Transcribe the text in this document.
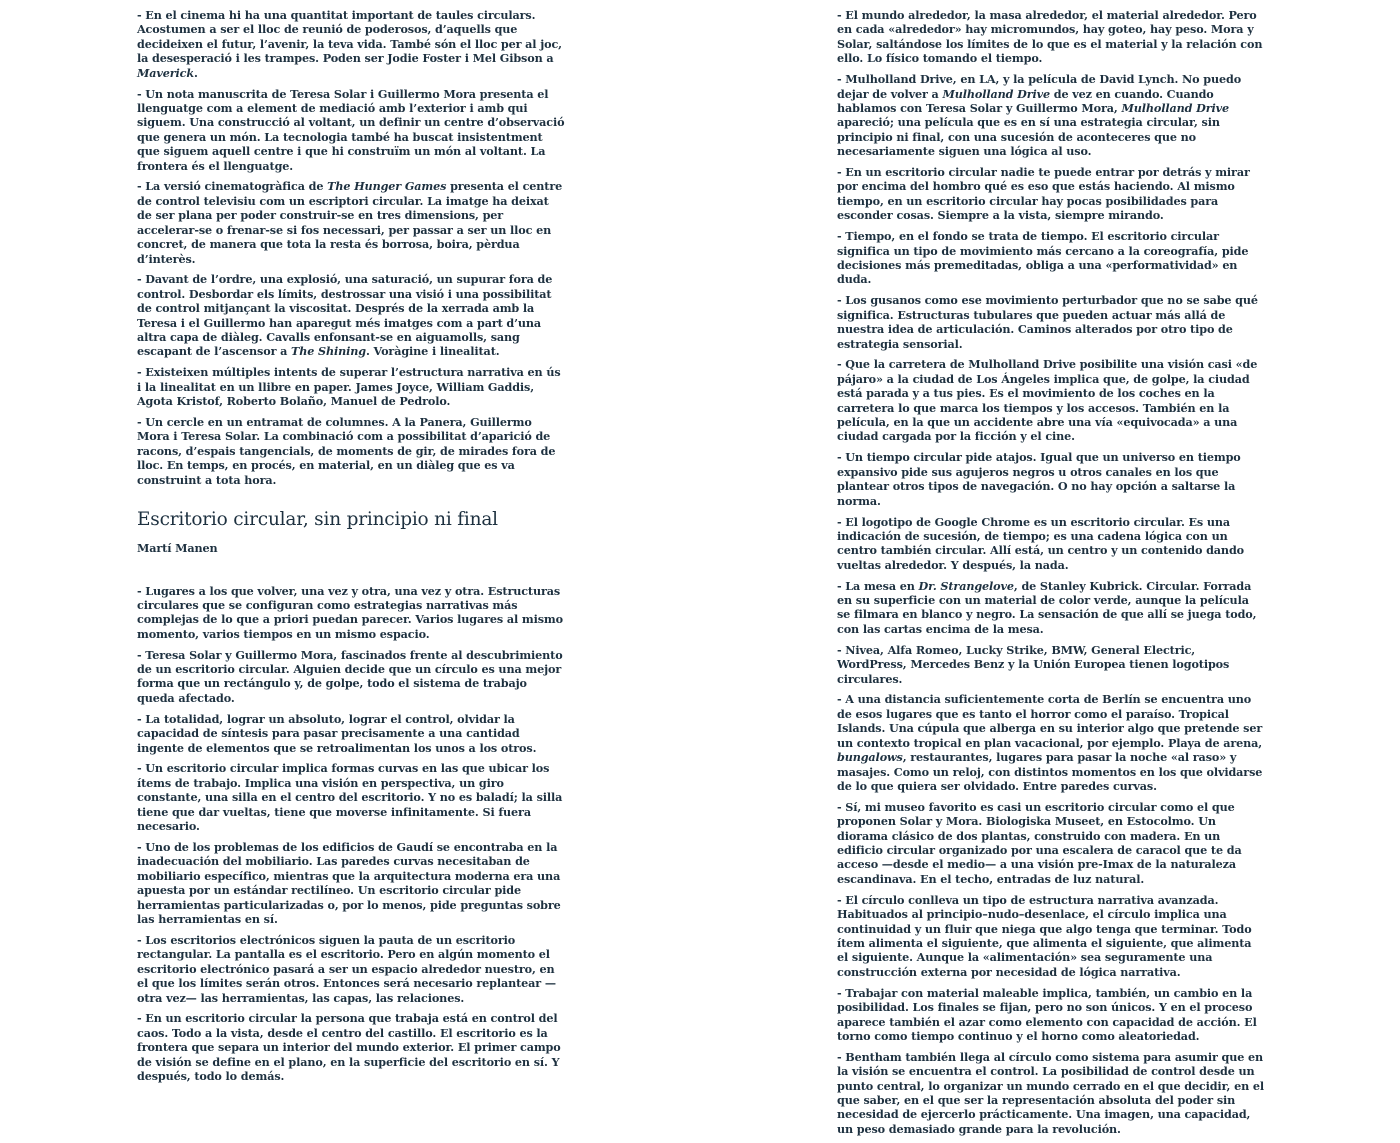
- En el cinema hi ha una quantitat important de taules circulars. Acostumen a ser el lloc de reunió de poderosos, d’aquells que decideixen el futur, l’avenir, la teva vida. També són el lloc per al joc, la desesperació i les trampes. Poden ser Jodie Foster i Mel Gibson a Maverick.

- Un nota manuscrita de Teresa Solar i Guillermo Mora presenta el llenguatge com a element de mediació amb l’exterior i amb qui siguem. Una construcció al voltant, un definir un centre d’observació que genera un món. La tecnologia també ha buscat insistentment que siguem aquell centre i que hi construïm un món al voltant. La frontera és el llenguatge.

- La versió cinematogràfica de The Hunger Games presenta el centre de control televisiu com un escriptori circular. La imatge ha deixat de ser plana per poder construir-se en tres dimensions, per accelerar-se o frenar-se si fos necessari, per passar a ser un lloc en concret, de manera que tota la resta és borrosa, boira, pèrdua d’interès.

- Davant de l’ordre, una explosió, una saturació, un supurar fora de control. Desbordar els límits, destrossar una visió i una possibilitat de control mitjançant la viscositat. Després de la xerrada amb la Teresa i el Guillermo han aparegut més imatges com a part d’una altra capa de diàleg. Cavalls enfonsant-se en aiguamolls, sang escapant de l’ascensor a The Shining. Voràgine i linealitat.

- Existeixen múltiples intents de superar l’estructura narrativa en ús i la linealitat en un llibre en paper. James Joyce, William Gaddis, Agota Kristof, Roberto Bolaño, Manuel de Pedrolo.

- Un cercle en un entramat de columnes. A la Panera, Guillermo Mora i Teresa Solar. La combinació com a possibilitat d’aparició de racons, d’espais tangencials, de moments de gir, de mirades fora de lloc. En temps, en procés, en material, en un diàleg que es va construint a tota hora.

Escritorio circular, sin principio ni final

Martí Manen

- Lugares a los que volver, una vez y otra, una vez y otra. Estructuras circulares que se configuran como estrategias narrativas más complejas de lo que a priori puedan parecer. Varios lugares al mismo momento, varios tiempos en un mismo espacio.

- Teresa Solar y Guillermo Mora, fascinados frente al descubrimiento de un escritorio circular. Alguien decide que un círculo es una mejor forma que un rectángulo y, de golpe, todo el sistema de trabajo queda afectado.

- La totalidad, lograr un absoluto, lograr el control, olvidar la capacidad de síntesis para pasar precisamente a una cantidad ingente de elementos que se retroalimentan los unos a los otros.

- Un escritorio circular implica formas curvas en las que ubicar los ítems de trabajo. Implica una visión en perspectiva, un giro constante, una silla en el centro del escritorio. Y no es baladí; la silla tiene que dar vueltas, tiene que moverse infinitamente. Si fuera necesario.

- Uno de los problemas de los edificios de Gaudí se encontraba en la inadecuación del mobiliario. Las paredes curvas necesitaban de mobiliario específico, mientras que la arquitectura moderna era una apuesta por un estándar rectilíneo. Un escritorio circular pide herramientas particularizadas o, por lo menos, pide preguntas sobre las herramientas en sí.

- Los escritorios electrónicos siguen la pauta de un escritorio rectangular. La pantalla es el escritorio. Pero en algún momento el escritorio electrónico pasará a ser un espacio alrededor nuestro, en el que los límites serán otros. Entonces será necesario replantear —otra vez— las herramientas, las capas, las relaciones.

- En un escritorio circular la persona que trabaja está en control del caos. Todo a la vista, desde el centro del castillo. El escritorio es la frontera que separa un interior del mundo exterior. El primer campo de visión se define en el plano, en la superficie del escritorio en sí. Y después, todo lo demás.

- El mundo alrededor, la masa alrededor, el material alrededor. Pero en cada «alrededor» hay micromundos, hay goteo, hay peso. Mora y Solar, saltándose los límites de lo que es el material y la relación con ello. Lo físico tomando el tiempo.

- Mulholland Drive, en LA, y la película de David Lynch. No puedo dejar de volver a Mulholland Drive de vez en cuando. Cuando hablamos con Teresa Solar y Guillermo Mora, Mulholland Drive apareció; una película que es en sí una estrategia circular, sin principio ni final, con una sucesión de aconteceres que no necesariamente siguen una lógica al uso.

- En un escritorio circular nadie te puede entrar por detrás y mirar por encima del hombro qué es eso que estás haciendo. Al mismo tiempo, en un escritorio circular hay pocas posibilidades para esconder cosas. Siempre a la vista, siempre mirando.

- Tiempo, en el fondo se trata de tiempo. El escritorio circular significa un tipo de movimiento más cercano a la coreografía, pide decisiones más premeditadas, obliga a una «performatividad» en duda.

- Los gusanos como ese movimiento perturbador que no se sabe qué significa. Estructuras tubulares que pueden actuar más allá de nuestra idea de articulación. Caminos alterados por otro tipo de estrategia sensorial.

- Que la carretera de Mulholland Drive posibilite una visión casi «de pájaro» a la ciudad de Los Ángeles implica que, de golpe, la ciudad está parada y a tus pies. Es el movimiento de los coches en la carretera lo que marca los tiempos y los accesos. También en la película, en la que un accidente abre una vía «equivocada» a una ciudad cargada por la ficción y el cine.

- Un tiempo circular pide atajos. Igual que un universo en tiempo expansivo pide sus agujeros negros u otros canales en los que plantear otros tipos de navegación. O no hay opción a saltarse la norma.

- El logotipo de Google Chrome es un escritorio circular. Es una indicación de sucesión, de tiempo; es una cadena lógica con un centro también circular. Allí está, un centro y un contenido dando vueltas alrededor. Y después, la nada.

- La mesa en Dr. Strangelove, de Stanley Kubrick. Circular. Forrada en su superficie con un material de color verde, aunque la película se filmara en blanco y negro. La sensación de que allí se juega todo, con las cartas encima de la mesa.

- Nivea, Alfa Romeo, Lucky Strike, BMW, General Electric, WordPress, Mercedes Benz y la Unión Europea tienen logotipos circulares.

- A una distancia suficientemente corta de Berlín se encuentra uno de esos lugares que es tanto el horror como el paraíso. Tropical Islands. Una cúpula que alberga en su interior algo que pretende ser un contexto tropical en plan vacacional, por ejemplo. Playa de arena, bungalows, restaurantes, lugares para pasar la noche «al raso» y masajes. Como un reloj, con distintos momentos en los que olvidarse de lo que quiera ser olvidado. Entre paredes curvas.

- Sí, mi museo favorito es casi un escritorio circular como el que proponen Solar y Mora. Biologiska Museet, en Estocolmo. Un diorama clásico de dos plantas, construido con madera. En un edificio circular organizado por una escalera de caracol que te da acceso —desde el medio— a una visión pre-Imax de la naturaleza escandinava. En el techo, entradas de luz natural.

- El círculo conlleva un tipo de estructura narrativa avanzada. Habituados al principio–nudo–desenlace, el círculo implica una continuidad y un fluir que niega que algo tenga que terminar. Todo ítem alimenta el siguiente, que alimenta el siguiente, que alimenta el siguiente. Aunque la «alimentación» sea seguramente una construcción externa por necesidad de lógica narrativa.

- Trabajar con material maleable implica, también, un cambio en la posibilidad. Los finales se fijan, pero no son únicos. Y en el proceso aparece también el azar como elemento con capacidad de acción. El torno como tiempo continuo y el horno como aleatoriedad.

- Bentham también llega al círculo como sistema para asumir que en la visión se encuentra el control. La posibilidad de control desde un punto central, lo organizar un mundo cerrado en el que decidir, en el que saber, en el que ser la representación absoluta del poder sin necesidad de ejercerlo prácticamente. Una imagen, una capacidad, un peso demasiado grande para la revolución.
